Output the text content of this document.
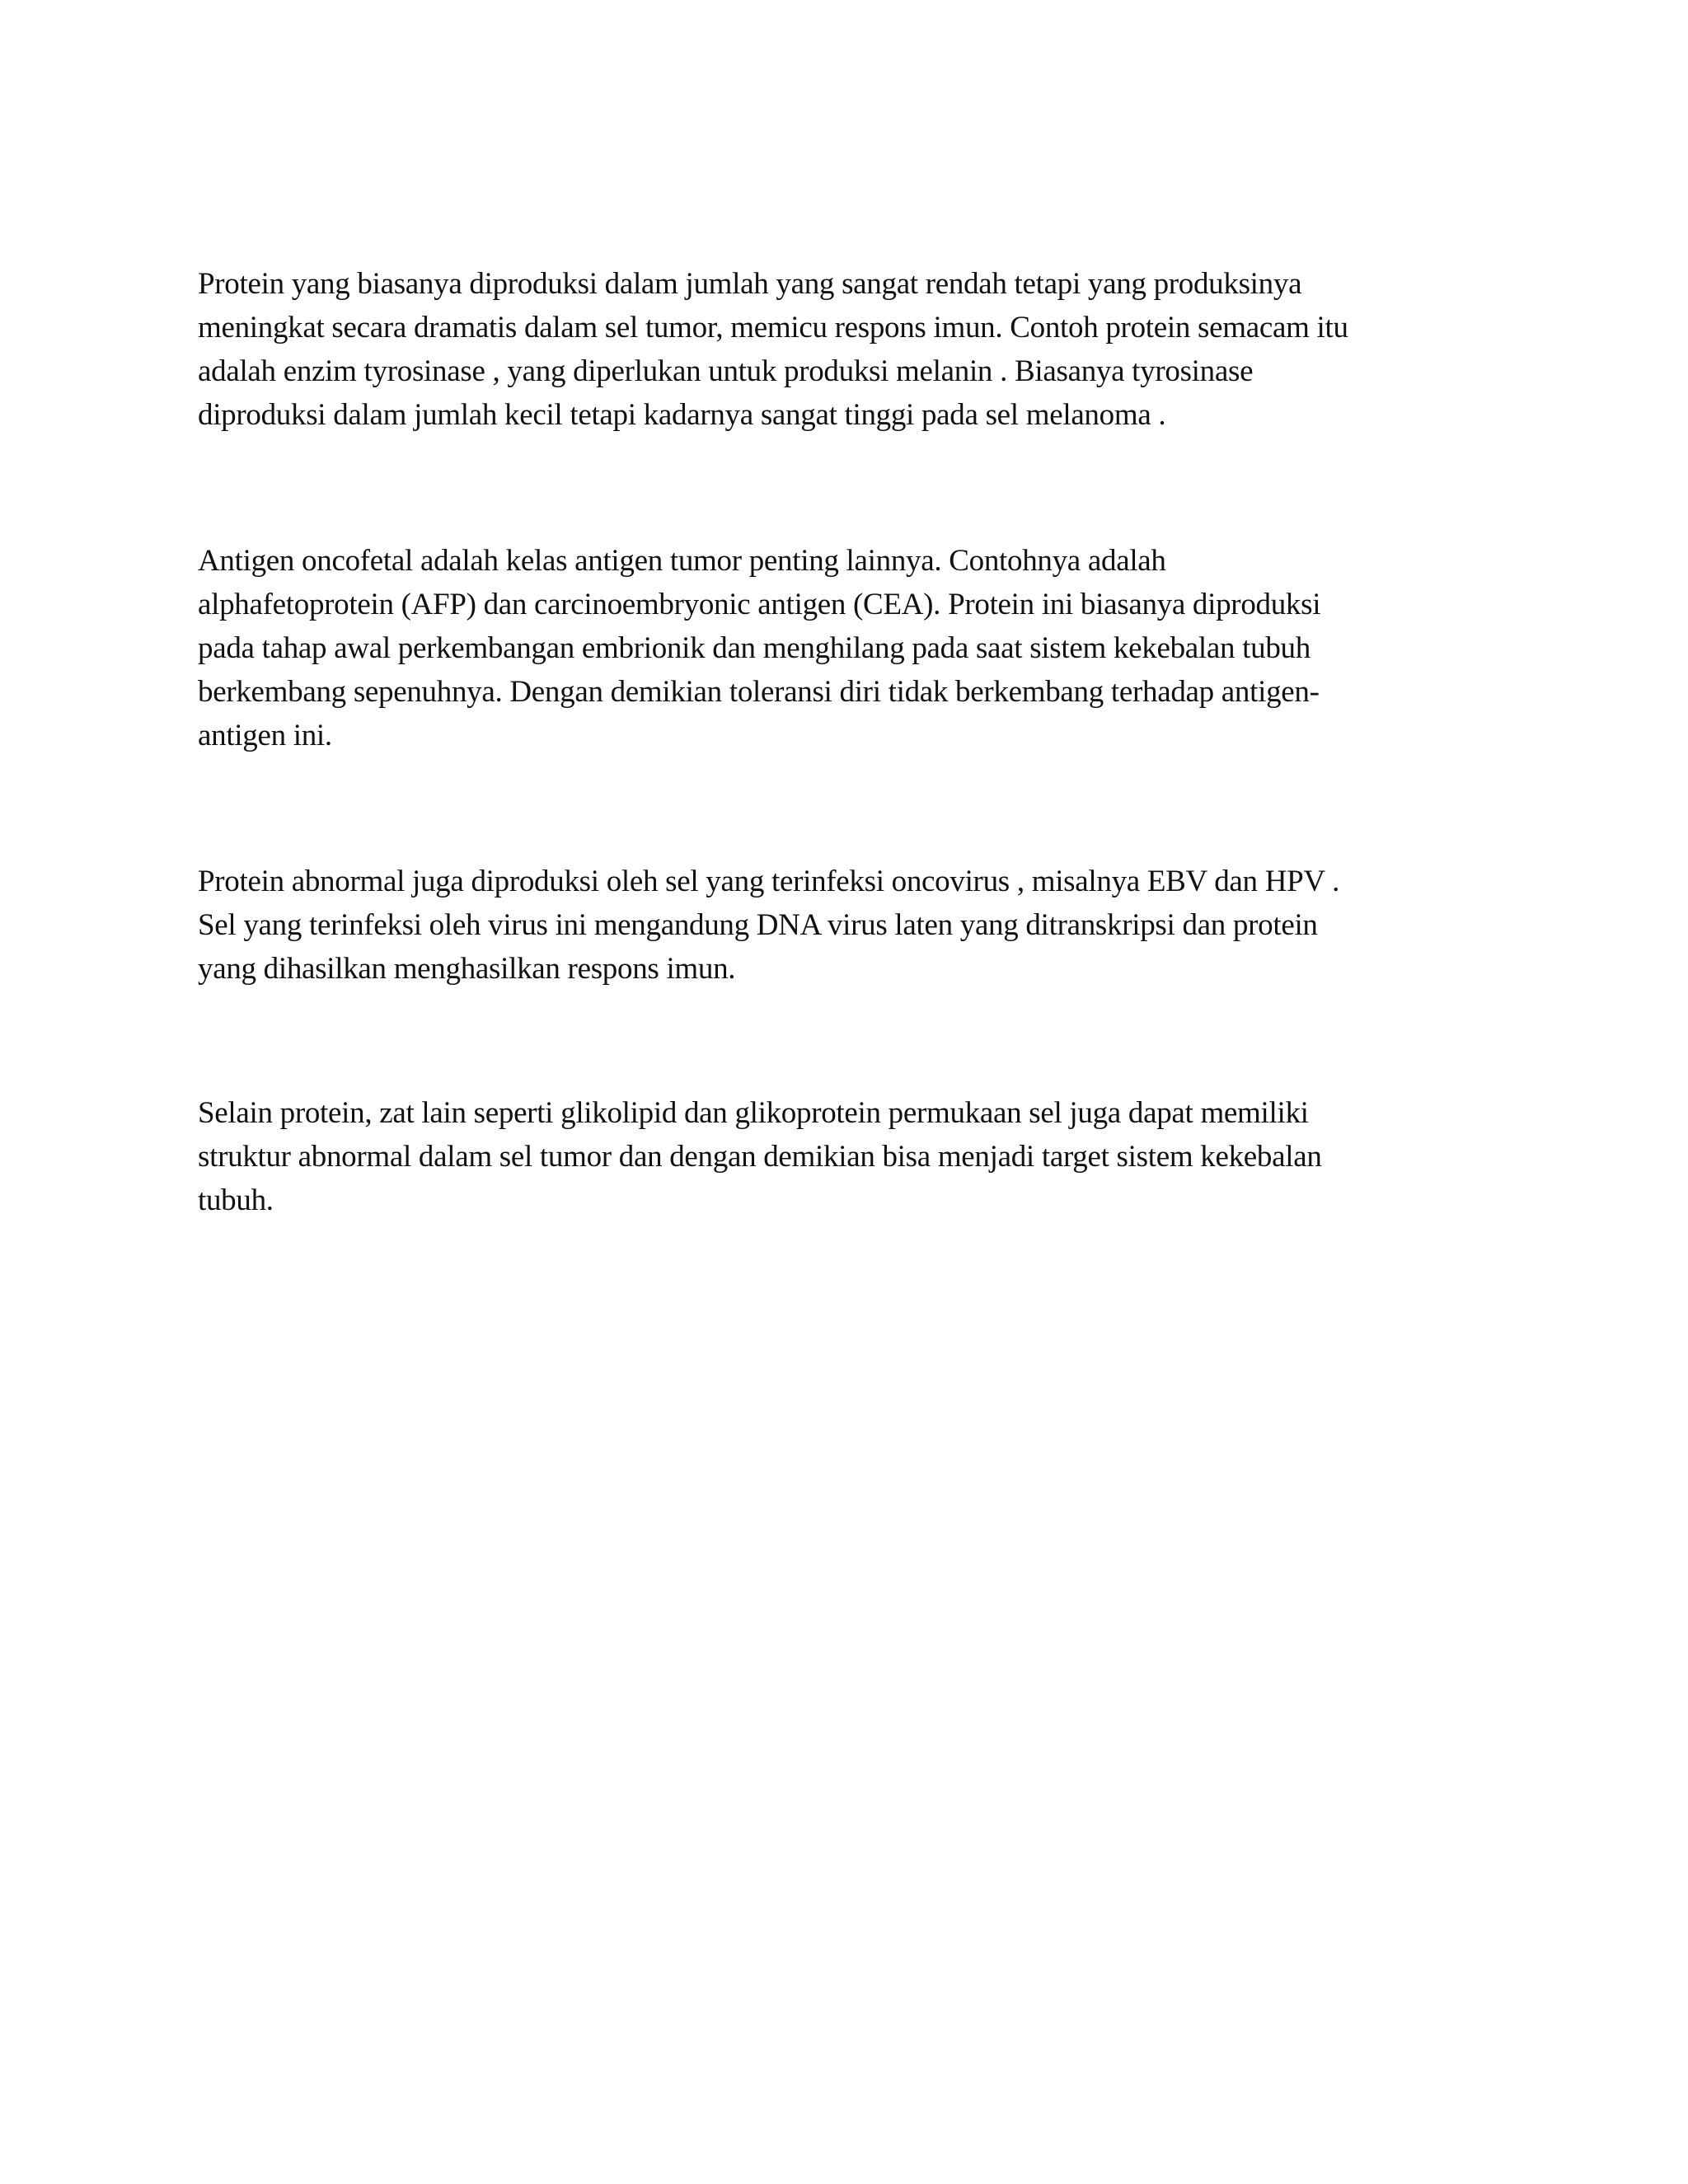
Protein yang biasanya diproduksi dalam jumlah yang sangat rendah tetapi yang produksinya
meningkat secara dramatis dalam sel tumor, memicu respons imun. Contoh protein semacam itu
adalah enzim tyrosinase , yang diperlukan untuk produksi melanin . Biasanya tyrosinase
diproduksi dalam jumlah kecil tetapi kadarnya sangat tinggi pada sel melanoma .
Antigen oncofetal adalah kelas antigen tumor penting lainnya. Contohnya adalah
alphafetoprotein (AFP) dan carcinoembryonic antigen (CEA). Protein ini biasanya diproduksi
pada tahap awal perkembangan embrionik dan menghilang pada saat sistem kekebalan tubuh
berkembang sepenuhnya. Dengan demikian toleransi diri tidak berkembang terhadap antigen-
antigen ini.
Protein abnormal juga diproduksi oleh sel yang terinfeksi oncovirus , misalnya EBV dan HPV .
Sel yang terinfeksi oleh virus ini mengandung DNA virus laten yang ditranskripsi dan protein
yang dihasilkan menghasilkan respons imun.
Selain protein, zat lain seperti glikolipid dan glikoprotein permukaan sel juga dapat memiliki
struktur abnormal dalam sel tumor dan dengan demikian bisa menjadi target sistem kekebalan
tubuh.
